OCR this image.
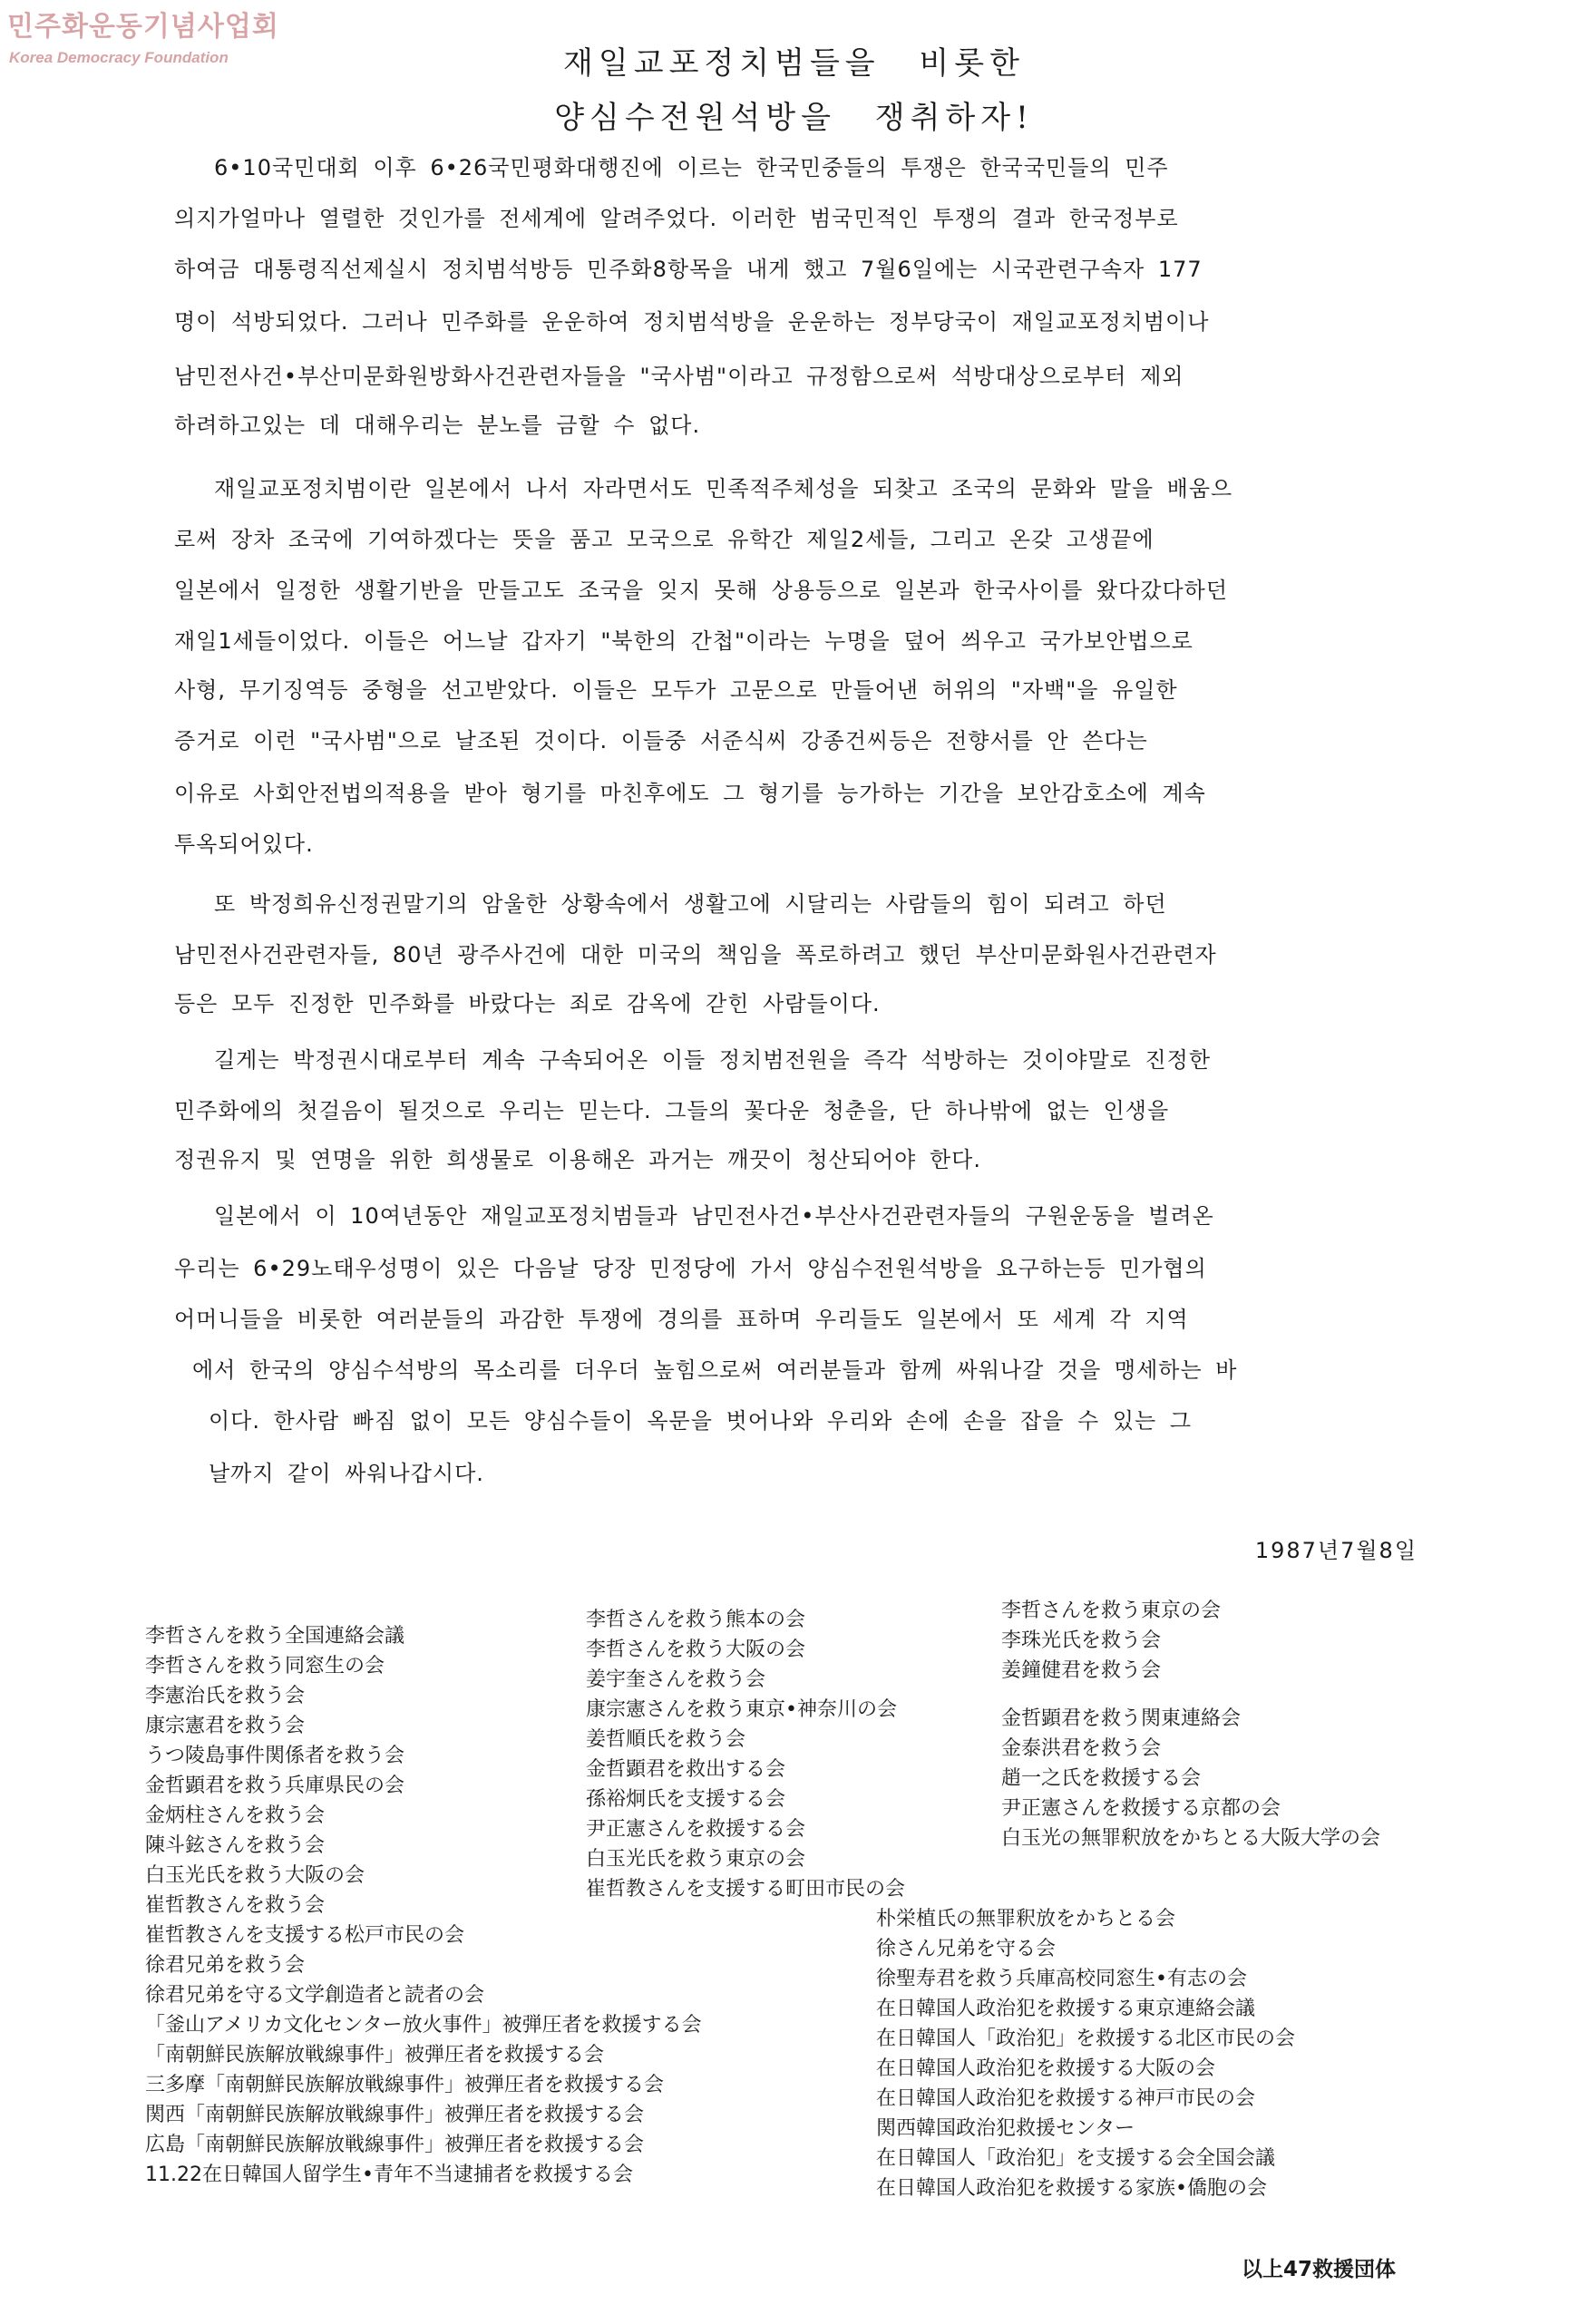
민주화운동기념사업회
Korea Democracy Foundation	재일교포정치범들을 비롯한
양심수전원석방을 쟁취하자!
6•10국민대회 이후 6•26국민평화대행진에 이르는 한국민중들의 투쟁은 한국국민들의 민주
의지가얼마나 열렬한 것인가를 전세계에 알려주었다. 이러한 범국민적인 투쟁의 결과 한국정부로
하여금 대통령직선제실시 정치범석방등 민주화8항목을 내게 했고 7월6일에는 시국관련구속자 177
명이 석방되었다. 그러나 민주화를 운운하여 정치범석방을 운운하는 정부당국이 재일교포정치범이나
남민전사건•부산미문화원방화사건관련자들을 "국사범"이라고 규정함으로써 석방대상으로부터 제외
하려하고있는 데 대해우리는 분노를 금할 수 없다.
재일교포정치범이란 일본에서 나서 자라면서도 민족적주체성을 되찾고 조국의 문화와 말을 배움으
로써 장차 조국에 기여하겠다는 뜻을 품고 모국으로 유학간 제일2세들, 그리고 온갖 고생끝에
일본에서 일정한 생활기반을 만들고도 조국을 잊지 못해 상용등으로 일본과 한국사이를 왔다갔다하던
재일1세들이었다. 이들은 어느날 갑자기 "북한의 간첩"이라는 누명을 덮어 씌우고 국가보안법으로
사형, 무기징역등 중형을 선고받았다. 이들은 모두가 고문으로 만들어낸 허위의 "자백"을 유일한
증거로 이런 "국사범"으로 날조된 것이다. 이들중 서준식씨 강종건씨등은 전향서를 안 쓴다는
이유로 사회안전법의적용을 받아 형기를 마친후에도 그 형기를 능가하는 기간을 보안감호소에 계속
투옥되어있다.
또 박정희유신정권말기의 암울한 상황속에서 생활고에 시달리는 사람들의 힘이 되려고 하던
남민전사건관련자들, 80년 광주사건에 대한 미국의 책임을 폭로하려고 했던 부산미문화원사건관련자
등은 모두 진정한 민주화를 바랐다는 죄로 감옥에 갇힌 사람들이다.
길게는 박정권시대로부터 계속 구속되어온 이들 정치범전원을 즉각 석방하는 것이야말로 진정한
민주화에의 첫걸음이 될것으로 우리는 믿는다. 그들의 꽃다운 청춘을, 단 하나밖에 없는 인생을
정권유지 및 연명을 위한 희생물로 이용해온 과거는 깨끗이 청산되어야 한다.
일본에서 이 10여년동안 재일교포정치범들과 남민전사건•부산사건관련자들의 구원운동을 벌려온
우리는 6•29노태우성명이 있은 다음날 당장 민정당에 가서 양심수전원석방을 요구하는등 민가협의
어머니들을 비롯한 여러분들의 과감한 투쟁에 경의를 표하며 우리들도 일본에서 또 세계 각 지역
에서 한국의 양심수석방의 목소리를 더우더 높힘으로써 여러분들과 함께 싸워나갈 것을 맹세하는 바
이다. 한사람 빠짐 없이 모든 양심수들이 옥문을 벗어나와 우리와 손에 손을 잡을 수 있는 그
날까지 같이 싸워나갑시다.
1987년7월8일
李哲さんを救う全国連絡会議
李哲さんを救う同窓生の会
李憲治氏を救う会
康宗憲君を救う会
うつ陵島事件関係者を救う会
金哲顕君を救う兵庫県民の会
金炳柱さんを救う会
陳斗鉉さんを救う会
白玉光氏を救う大阪の会
崔哲教さんを救う会
崔哲教さんを支援する松戸市民の会
徐君兄弟を救う会
徐君兄弟を守る文学創造者と読者の会
「釜山アメリカ文化センター放火事件」被弾圧者を救援する会
「南朝鮮民族解放戦線事件」被弾圧者を救援する会
三多摩「南朝鮮民族解放戦線事件」被弾圧者を救援する会
関西「南朝鮮民族解放戦線事件」被弾圧者を救援する会
広島「南朝鮮民族解放戦線事件」被弾圧者を救援する会
11.22在日韓国人留学生•青年不当逮捕者を救援する会
李哲さんを救う熊本の会
李哲さんを救う大阪の会
姜宇奎さんを救う会
康宗憲さんを救う東京•神奈川の会
姜哲順氏を救う会
金哲顕君を救出する会
孫裕炯氏を支援する会
尹正憲さんを救援する会
白玉光氏を救う東京の会
崔哲教さんを支援する町田市民の会
李哲さんを救う東京の会
李珠光氏を救う会
姜鐘健君を救う会
金哲顕君を救う関東連絡会
金泰洪君を救う会
趙一之氏を救援する会
尹正憲さんを救援する京都の会
白玉光の無罪釈放をかちとる大阪大学の会
朴栄植氏の無罪釈放をかちとる会
徐さん兄弟を守る会
徐聖寿君を救う兵庫高校同窓生•有志の会
在日韓国人政治犯を救援する東京連絡会議
在日韓国人「政治犯」を救援する北区市民の会
在日韓国人政治犯を救援する大阪の会
在日韓国人政治犯を救援する神戸市民の会
関西韓国政治犯救援センター
在日韓国人「政治犯」を支援する会全国会議
在日韓国人政治犯を救援する家族•僑胞の会
以上47救援団体
